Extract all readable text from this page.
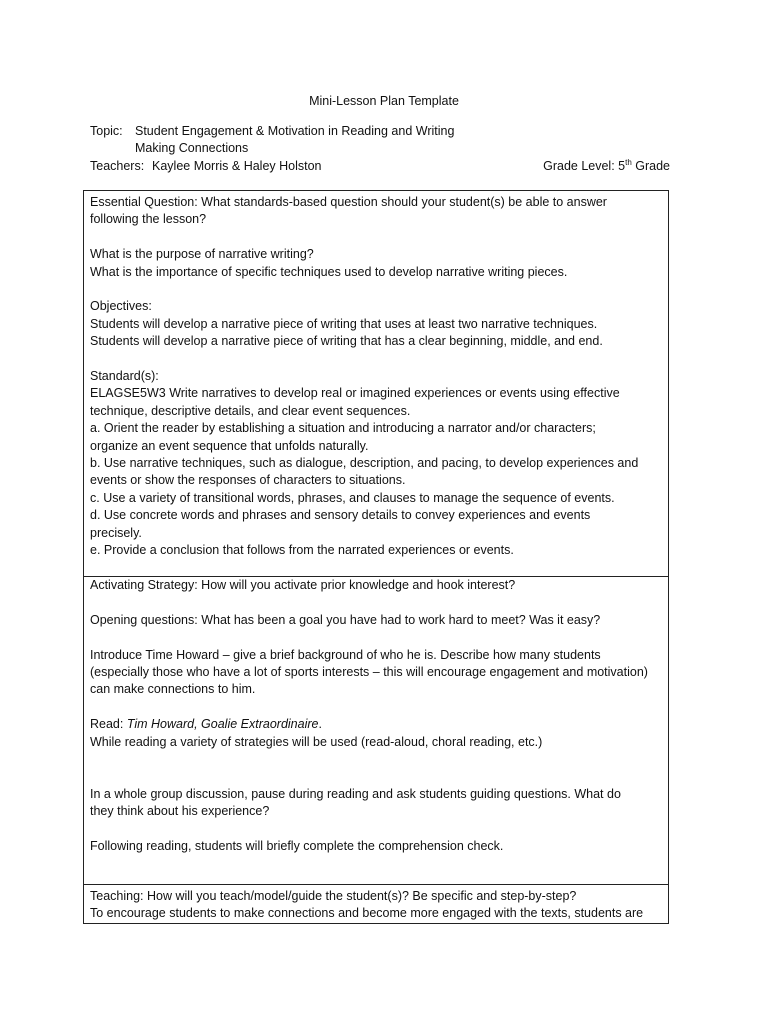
Mini-Lesson Plan Template
Topic: Student Engagement & Motivation in Reading and Writing
Making Connections
Teachers: Kaylee Morris & Haley Holston	Grade Level: 5th Grade

Essential Question: What standards-based question should your student(s) be able to answer

following the lesson?

What is the purpose of narrative writing?

What is the importance of specific techniques used to develop narrative writing pieces.

Objectives:

Students will develop a narrative piece of writing that uses at least two narrative techniques.

Students will develop a narrative piece of writing that has a clear beginning, middle, and end.

Standard(s):

ELAGSE5W3 Write narratives to develop real or imagined experiences or events using effective

technique, descriptive details, and clear event sequences.

a. Orient the reader by establishing a situation and introducing a narrator and/or characters;

organize an event sequence that unfolds naturally.

b. Use narrative techniques, such as dialogue, description, and pacing, to develop experiences and

events or show the responses of characters to situations.

c. Use a variety of transitional words, phrases, and clauses to manage the sequence of events.

d. Use concrete words and phrases and sensory details to convey experiences and events

precisely.

e. Provide a conclusion that follows from the narrated experiences or events.

Activating Strategy: How will you activate prior knowledge and hook interest?

Opening questions: What has been a goal you have had to work hard to meet? Was it easy?

Introduce Time Howard – give a brief background of who he is. Describe how many students

(especially those who have a lot of sports interests – this will encourage engagement and motivation)

can make connections to him.

Read: Tim Howard, Goalie Extraordinaire.

While reading a variety of strategies will be used (read-aloud, choral reading, etc.)

In a whole group discussion, pause during reading and ask students guiding questions. What do

they think about his experience?

Following reading, students will briefly complete the comprehension check.

Teaching: How will you teach/model/guide the student(s)? Be specific and step-by-step?

To encourage students to make connections and become more engaged with the texts, students are
